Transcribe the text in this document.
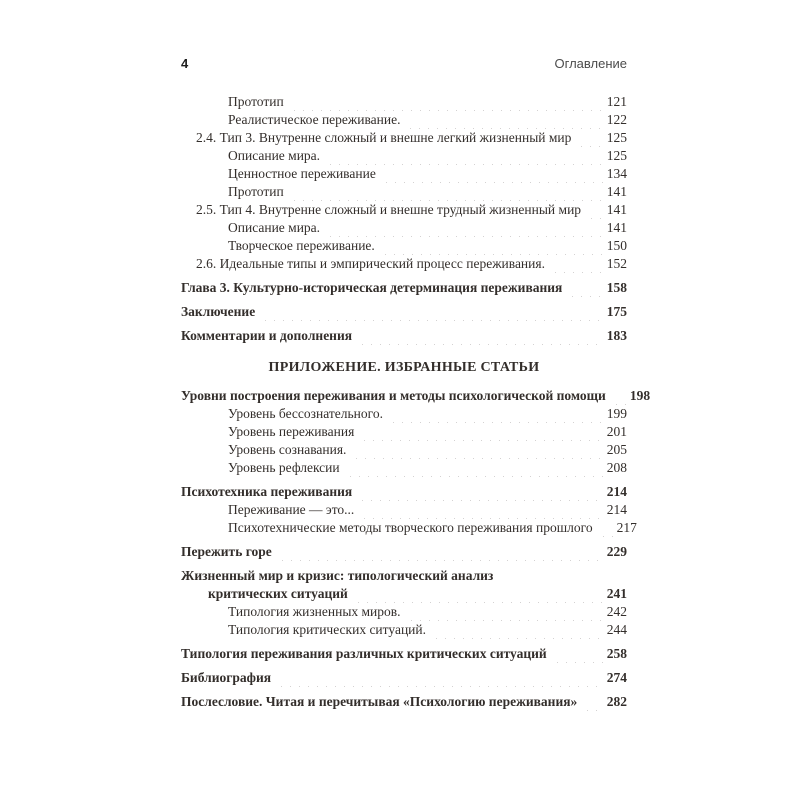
4	Оглавление
Прототип	121
Реалистическое переживание.	122
2.4. Тип 3. Внутренне сложный и внешне легкий жизненный мир	125
Описание мира.	125
Ценностное переживание	134
Прототип	141
2.5. Тип 4. Внутренне сложный и внешне трудный жизненный мир 141
Описание мира.	141
Творческое переживание.	150
2.6. Идеальные типы и эмпирический процесс переживания.	152
Глава 3. Культурно-историческая детерминация переживания	158
Заключение	175
Комментарии и дополнения	183
ПРИЛОЖЕНИЕ. ИЗБРАННЫЕ СТАТЬИ
Уровни построения переживания и методы психологической помощи 198
Уровень бессознательного.	199
Уровень переживания	201
Уровень сознавания.	205
Уровень рефлексии	208
Психотехника переживания	214
Переживание — это...	214
Психотехнические методы творческого переживания прошлого 217
Пережить горе	229
Жизненный мир и кризис: типологический анализ
критических ситуаций	241
Типология жизненных миров.	242
Типология критических ситуаций.	244
Типология переживания различных критических ситуаций	258
Библиография	274
Послесловие. Читая и перечитывая «Психологию переживания» 282
